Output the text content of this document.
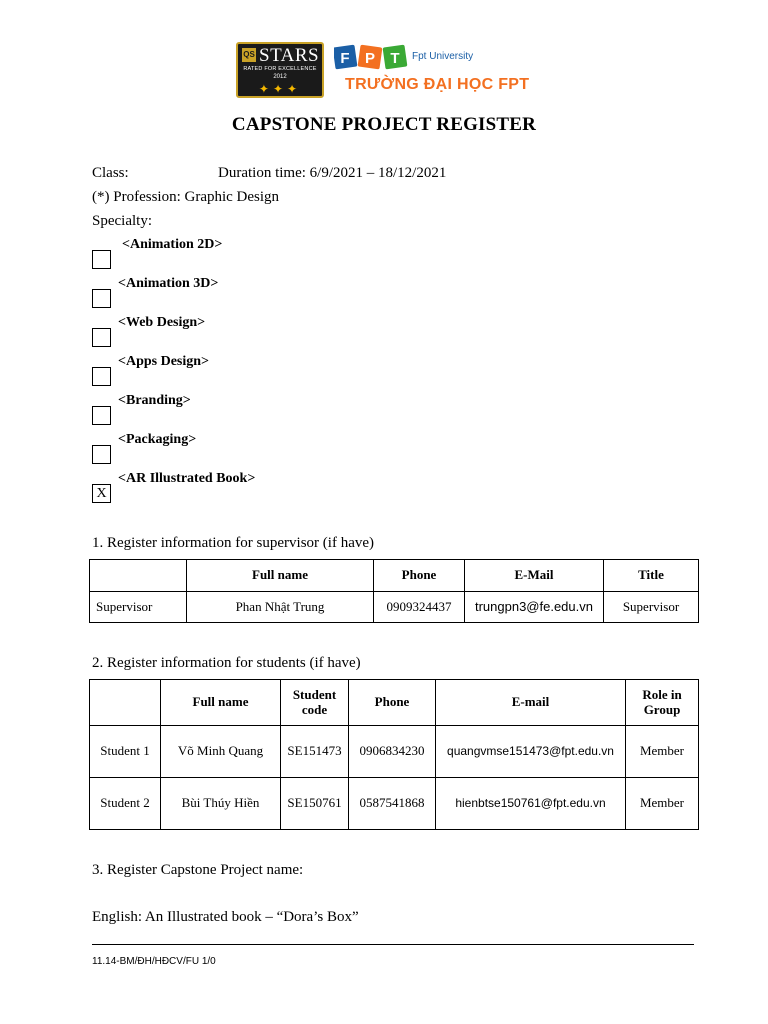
QS STARS
RATED FOR EXCELLENCE
2012
✦✦✦
F P T Fpt University
TRƯỜNG ĐẠI HỌC FPT
CAPSTONE PROJECT REGISTER
Class:	Duration time: 6/9/2021 – 18/12/2021
(*) Profession: Graphic Design
Specialty:
<Animation 2D>
<Animation 3D>
<Web Design>
<Apps Design>
<Branding>
<Packaging>
<AR Illustrated Book>
X
1. Register information for supervisor (if have)
	Full name	Phone	E-Mail	Title
Supervisor	Phan Nhật Trung	0909324437	trungpn3@fe.edu.vn	Supervisor
2. Register information for students (if have)
	Full name	Student code	Phone	E-mail	Role in Group
Student 1	Võ Minh Quang	SE151473	0906834230	quangvmse151473@fpt.edu.vn	Member
Student 2	Bùi Thúy Hiền	SE150761	0587541868	hienbtse150761@fpt.edu.vn	Member
3. Register Capstone Project name:
English: An Illustrated book – “Dora’s Box”
11.14-BM/ĐH/HĐCV/FU 1/0
